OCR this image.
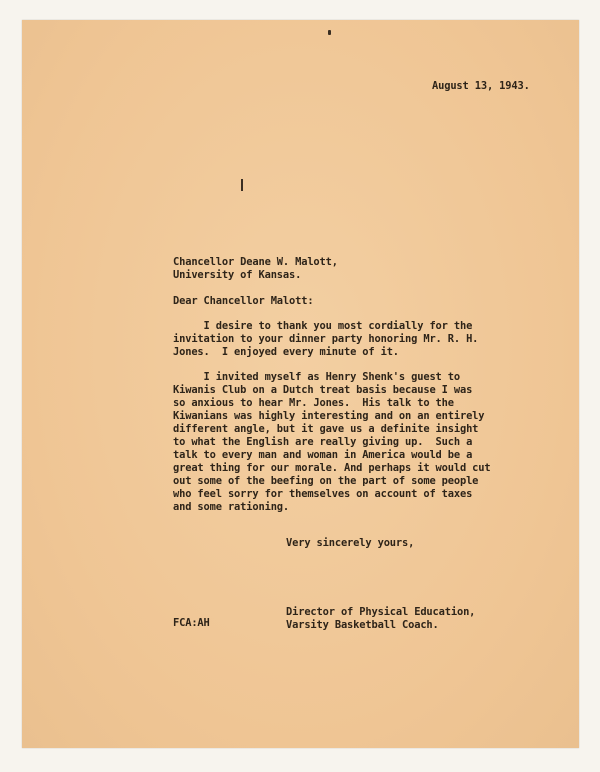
August 13, 1943.
Chancellor Deane W. Malott,
University of Kansas.
Dear Chancellor Malott:
I desire to thank you most cordially for the
invitation to your dinner party honoring Mr. R. H.
Jones.  I enjoyed every minute of it.
I invited myself as Henry Shenk's guest to
Kiwanis Club on a Dutch treat basis because I was
so anxious to hear Mr. Jones.  His talk to the
Kiwanians was highly interesting and on an entirely
different angle, but it gave us a definite insight
to what the English are really giving up.  Such a
talk to every man and woman in America would be a
great thing for our morale. And perhaps it would cut
out some of the beefing on the part of some people
who feel sorry for themselves on account of taxes
and some rationing.
Very sincerely yours,
FCA:AH
Director of Physical Education,
Varsity Basketball Coach.
